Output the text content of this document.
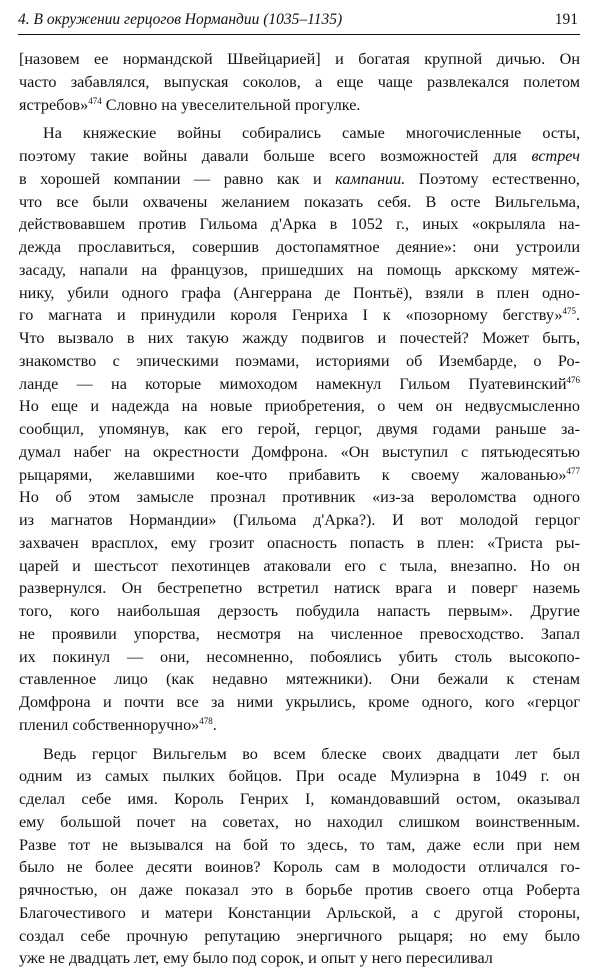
4. В окружении герцогов Нормандии (1035–1135)	191

[назовем ее нормандской Швейцарией] и богатая крупной дичью. Он
часто забавлялся, выпуская соколов, а еще чаще развлекался полетом
ястребов»$^{474}$ Словно на увеселительной прогулке.

На княжеские войны собирались самые многочисленные осты,
поэтому такие войны давали больше всего возможностей для встреч
в хорошей компании — равно как и кампании. Поэтому естественно,
что все были охвачены желанием показать себя. В осте Вильгельма,
действовавшем против Гильома д'Арка в 1052 г., иных «окрыляла на-
дежда прославиться, совершив достопамятное деяние»: они устроили
засаду, напали на французов, пришедших на помощь аркскому мятеж-
нику, убили одного графа (Ангеррана де Понтьё), взяли в плен одно-
го магната и принудили короля Генриха I к «позорному бегству»$^{475}$.
Что вызвало в них такую жажду подвигов и почестей? Может быть,
знакомство с эпическими поэмами, историями об Изембарде, о Ро-
ланде — на которые мимоходом намекнул Гильом Пуатевинский$^{476}$
Но еще и надежда на новые приобретения, о чем он недвусмысленно
сообщил, упомянув, как его герой, герцог, двумя годами раньше за-
думал набег на окрестности Домфрона. «Он выступил с пятьюдесятью
рыцарями, желавшими кое-что прибавить к своему жалованью»$^{477}$
Но об этом замысле прознал противник «из-за вероломства одного
из магнатов Нормандии» (Гильома д'Арка?). И вот молодой герцог
захвачен врасплох, ему грозит опасность попасть в плен: «Триста ры-
царей и шестьсот пехотинцев атаковали его с тыла, внезапно. Но он
развернулся. Он бестрепетно встретил натиск врага и поверг наземь
того, кого наибольшая дерзость побудила напасть первым». Другие
не проявили упорства, несмотря на численное превосходство. Запал
их покинул — они, несомненно, побоялись убить столь высокопо-
ставленное лицо (как недавно мятежники). Они бежали к стенам
Домфрона и почти все за ними укрылись, кроме одного, кого «герцог
пленил собственноручно»$^{478}$.

Ведь герцог Вильгельм во всем блеске своих двадцати лет был
одним из самых пылких бойцов. При осаде Мулиэрна в 1049 г. он
сделал себе имя. Король Генрих I, командовавший остом, оказывал
ему большой почет на советах, но находил слишком воинственным.
Разве тот не вызывался на бой то здесь, то там, даже если при нем
было не более десяти воинов? Король сам в молодости отличался го-
рячностью, он даже показал это в борьбе против своего отца Роберта
Благочестивого и матери Констанции Арльской, а с другой стороны,
создал себе прочную репутацию энергичного рыцаря; но ему было
уже не двадцать лет, ему было под сорок, и опыт у него пересиливал
